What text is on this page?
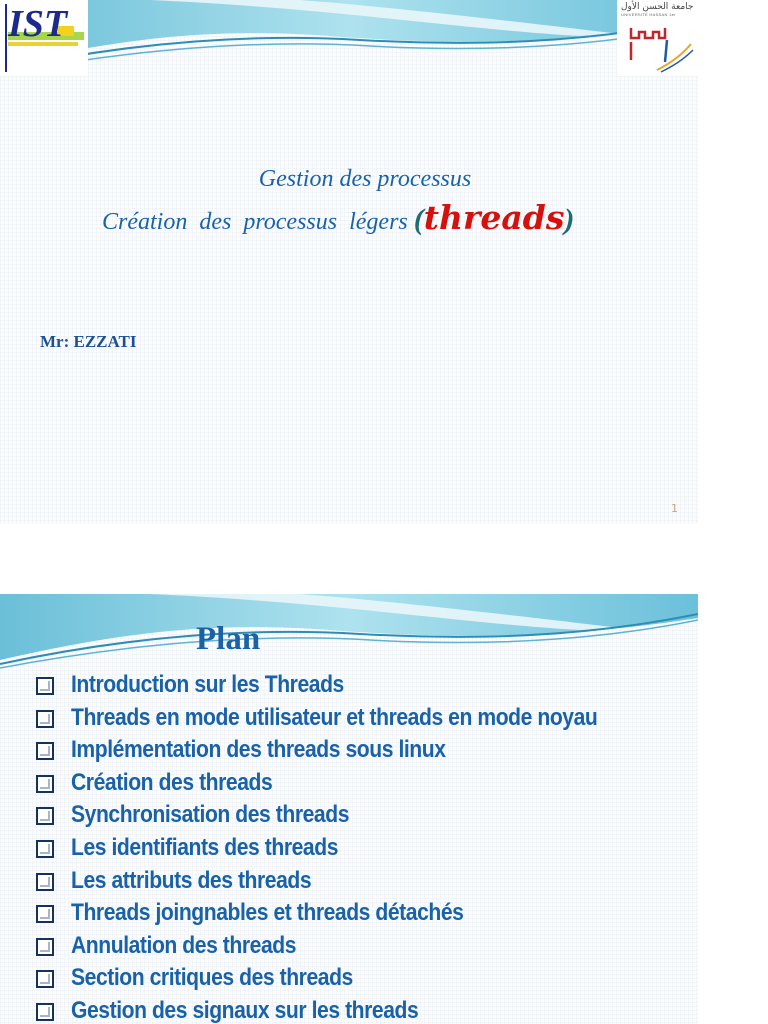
IST	جامعة الحسن الأول
UNIVERSITÉ HASSAN 1er
Gestion des processus
Création des processus légers (threads)
Mr: EZZATI
1
Plan
Introduction sur les Threads
Threads en mode utilisateur et threads en mode noyau
Implémentation des threads sous linux
Création des threads
Synchronisation des threads
Les identifiants des threads
Les attributs des threads
Threads joingnables et threads détachés
Annulation des threads
Section critiques des threads
Gestion des signaux sur les threads
